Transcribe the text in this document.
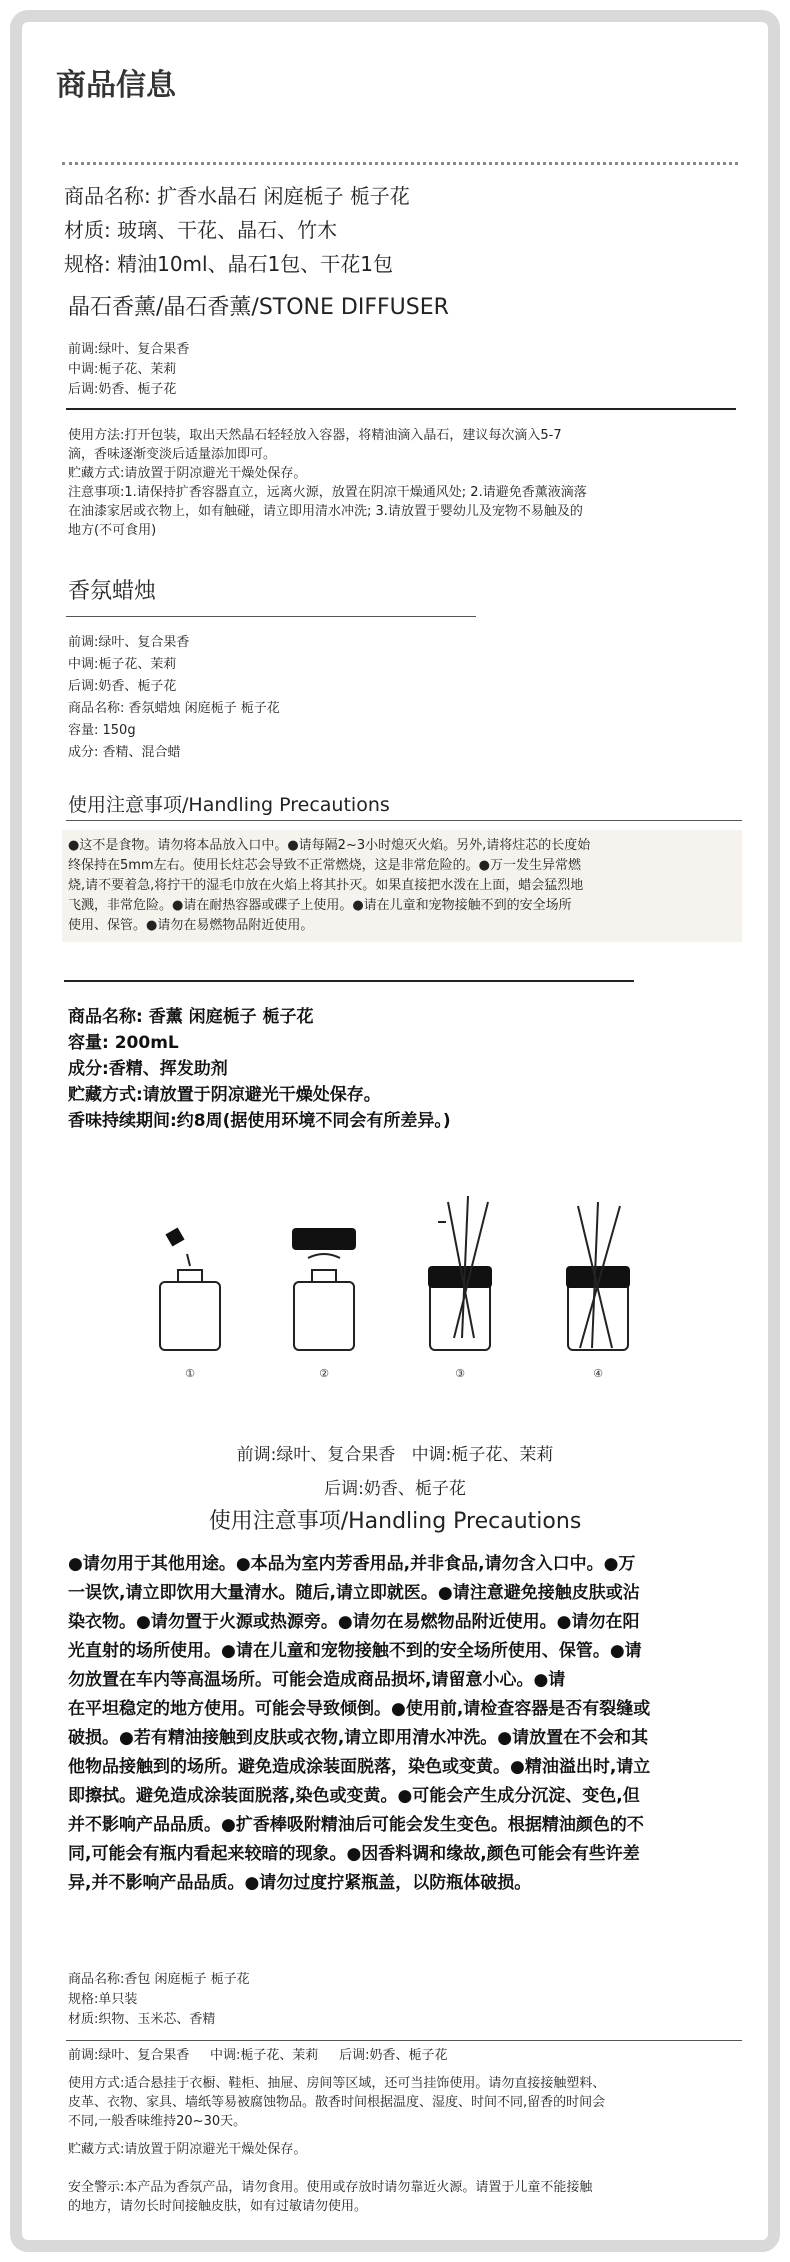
商品信息
商品名称: 扩香水晶石 闲庭栀子 栀子花
材质: 玻璃、干花、晶石、竹木
规格: 精油10ml、晶石1包、干花1包
晶石香薰/晶石香薰/STONE DIFFUSER
前调:绿叶、复合果香
中调:栀子花、茉莉
后调:奶香、栀子花
使用方法:打开包装，取出天然晶石轻轻放入容器，将精油滴入晶石，建议每次滴入5-7
滴，香味逐渐变淡后适量添加即可。
贮藏方式:请放置于阴凉避光干燥处保存。
注意事项:1.请保持扩香容器直立，远离火源，放置在阴凉干燥通风处; 2.请避免香薰液滴落
在油漆家居或衣物上，如有触碰，请立即用清水冲洗; 3.请放置于婴幼儿及宠物不易触及的
地方(不可食用)
香氛蜡烛
前调:绿叶、复合果香
中调:栀子花、茉莉
后调:奶香、栀子花
商品名称: 香氛蜡烛 闲庭栀子 栀子花
容量: 150g
成分: 香精、混合蜡
使用注意事项/Handling Precautions
●这不是食物。请勿将本品放入口中。●请每隔2~3小时熄灭火焰。另外,请将炷芯的长度始
终保持在5mm左右。使用长炷芯会导致不正常燃烧，这是非常危险的。●万一发生异常燃
烧,请不要着急,将拧干的湿毛巾放在火焰上将其扑灭。如果直接把水泼在上面，蜡会猛烈地
飞溅，非常危险。●请在耐热容器或碟子上使用。●请在儿童和宠物接触不到的安全场所
使用、保管。●请勿在易燃物品附近使用。
商品名称: 香薰 闲庭栀子 栀子花
容量: 200mL
成分:香精、挥发助剂
贮藏方式:请放置于阴凉避光干燥处保存。
香味持续期间:约8周(据使用环境不同会有所差异。)
①	②	③	④
前调:绿叶、复合果香   中调:栀子花、茉莉
后调:奶香、栀子花
使用注意事项/Handling Precautions
●请勿用于其他用途。●本品为室内芳香用品,并非食品,请勿含入口中。●万
一误饮,请立即饮用大量清水。随后,请立即就医。●请注意避免接触皮肤或沾
染衣物。●请勿置于火源或热源旁。●请勿在易燃物品附近使用。●请勿在阳
光直射的场所使用。●请在儿童和宠物接触不到的安全场所使用、保管。●请
勿放置在车内等高温场所。可能会造成商品损坏,请留意小心。●请
在平坦稳定的地方使用。可能会导致倾倒。●使用前,请检查容器是否有裂缝或
破损。●若有精油接触到皮肤或衣物,请立即用清水冲洗。●请放置在不会和其
他物品接触到的场所。避免造成涂装面脱落，染色或变黄。●精油溢出时,请立
即擦拭。避免造成涂装面脱落,染色或变黄。●可能会产生成分沉淀、变色,但
并不影响产品品质。●扩香棒吸附精油后可能会发生变色。根据精油颜色的不
同,可能会有瓶内看起来较暗的现象。●因香料调和缘故,颜色可能会有些许差
异,并不影响产品品质。●请勿过度拧紧瓶盖，以防瓶体破损。
商品名称:香包 闲庭栀子 栀子花
规格:单只装
材质:织物、玉米芯、香精
前调:绿叶、复合果香     中调:栀子花、茉莉     后调:奶香、栀子花
使用方式:适合悬挂于衣橱、鞋柜、抽屉、房间等区域，还可当挂饰使用。请勿直接接触塑料、
皮革、衣物、家具、墙纸等易被腐蚀物品。散香时间根据温度、湿度、时间不同,留香的时间会
不同,一般香味维持20~30天。
贮藏方式:请放置于阴凉避光干燥处保存。
安全警示:本产品为香氛产品，请勿食用。使用或存放时请勿靠近火源。请置于儿童不能接触
的地方，请勿长时间接触皮肤，如有过敏请勿使用。
